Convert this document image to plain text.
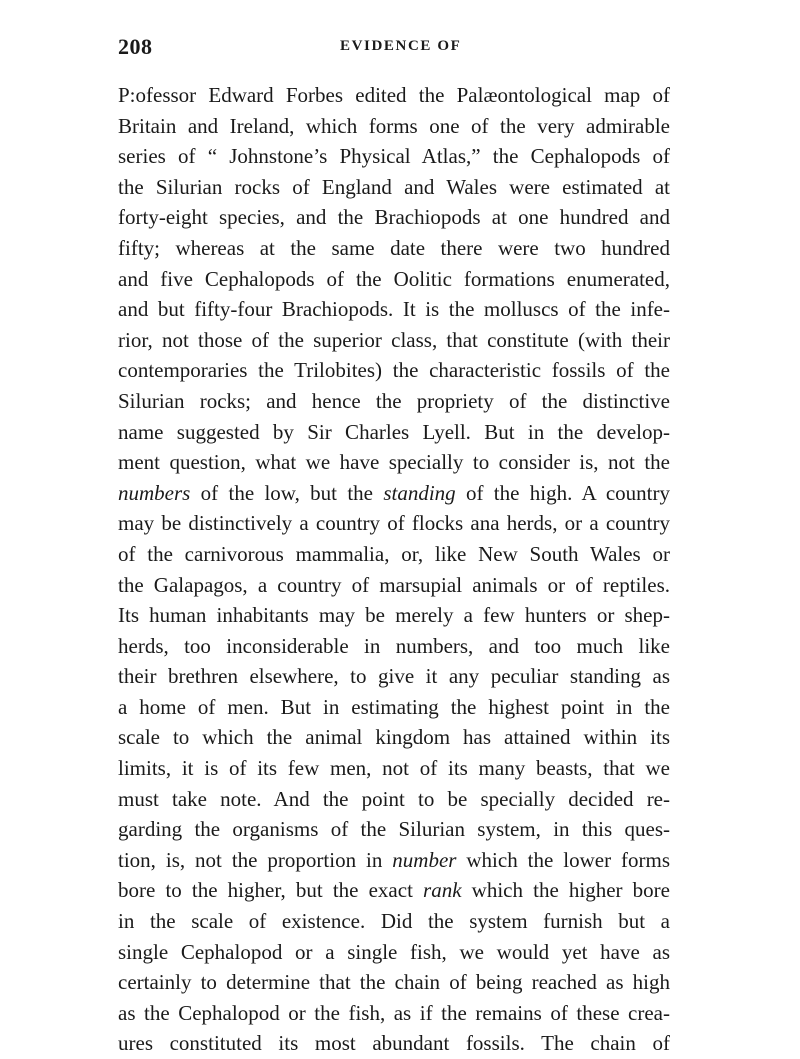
208	EVIDENCE OF
P:ofessor Edward Forbes edited the Palæontological map of
Britain and Ireland, which forms one of the very admirable
series of “ Johnstone’s Physical Atlas,” the Cephalopods of
the Silurian rocks of England and Wales were estimated at
forty-eight species, and the Brachiopods at one hundred and
fifty; whereas at the same date there were two hundred
and five Cephalopods of the Oolitic formations enumerated,
and but fifty-four Brachiopods. It is the molluscs of the infe-
rior, not those of the superior class, that constitute (with their
contemporaries the Trilobites) the characteristic fossils of the
Silurian rocks; and hence the propriety of the distinctive
name suggested by Sir Charles Lyell. But in the develop-
ment question, what we have specially to consider is, not the
numbers of the low, but the standing of the high. A country
may be distinctively a country of flocks ana herds, or a country
of the carnivorous mammalia, or, like New South Wales or
the Galapagos, a country of marsupial animals or of reptiles.
Its human inhabitants may be merely a few hunters or shep-
herds, too inconsiderable in numbers, and too much like
their brethren elsewhere, to give it any peculiar standing as
a home of men. But in estimating the highest point in the
scale to which the animal kingdom has attained within its
limits, it is of its few men, not of its many beasts, that we
must take note. And the point to be specially decided re-
garding the organisms of the Silurian system, in this ques-
tion, is, not the proportion in number which the lower forms
bore to the higher, but the exact rank which the higher bore
in the scale of existence. Did the system furnish but a
single Cephalopod or a single fish, we would yet have as
certainly to determine that the chain of being reached as high
as the Cephalopod or the fish, as if the remains of these crea-
ures constituted its most abundant fossils. The chain of
